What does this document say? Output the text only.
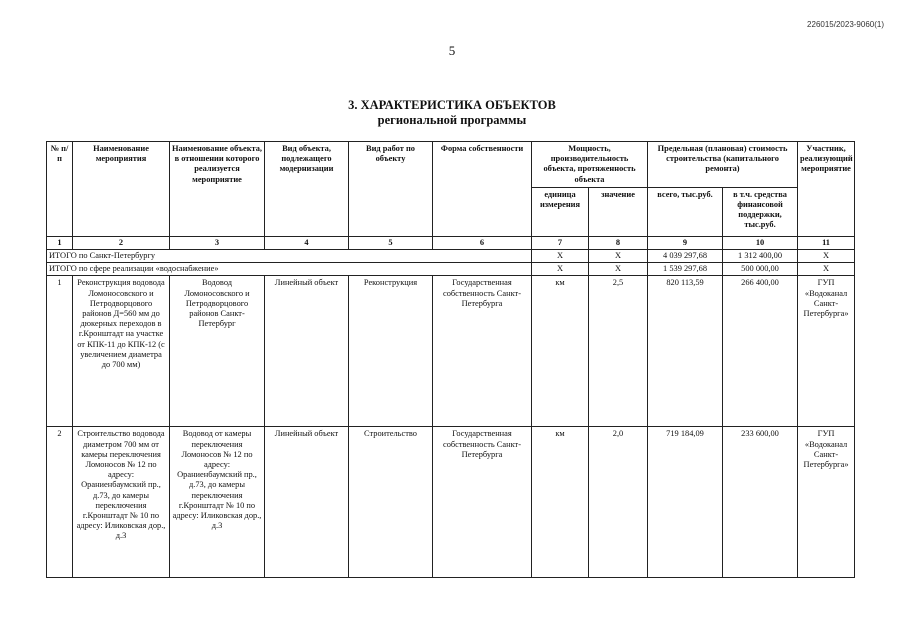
226015/2023-9060(1)
5
3. ХАРАКТЕРИСТИКА ОБЪЕКТОВ
региональной программы
№ п/п	Наименование мероприятия	Наименование объекта, в отношении которого реализуется мероприятие	Вид объекта, подлежащего модернизации	Вид работ по объекту	Форма собственности	Мощность, производительность объекта, протяженность объекта		Предельная (плановая) стоимость строительства (капитального ремонта)		Участник, реализующий мероприятие
						единица измерения	значение	всего, тыс.руб.	в т.ч. средства финансовой поддержки, тыс.руб.	
1	2	3	4	5	6	7	8	9	10	11
ИТОГО по Санкт-Петербургу						X	X	4 039 297,68	1 312 400,00	X
ИТОГО по сфере реализации «водоснабжение»						X	X	1 539 297,68	500 000,00	X
1	Реконструкция водовода Ломоносовского и Петродворцового районов Д=560 мм до дюкерных переходов в г.Кронштадт на участке от КПК-11 до КПК-12 (с увеличением диаметра до 700 мм)	Водовод Ломоносовского и Петродворцового районов Санкт-Петербург	Линейный объект	Реконструкция	Государственная собственность Санкт-Петербурга	км	2,5	820 113,59	266 400,00	ГУП «Водоканал Санкт-Петербурга»
2	Строительство водовода диаметром 700 мм от камеры переключения Ломоносов № 12 по адресу: Ораниенбаумский пр., д.73, до камеры переключения г.Кронштадт № 10 по адресу: Иликовская дор., д.3	Водовод от камеры переключения Ломоносов № 12 по адресу: Ораниенбаумский пр., д.73, до камеры переключения г.Кронштадт № 10 по адресу: Иликовская дор., д.3	Линейный объект	Строительство	Государственная собственность Санкт-Петербурга	км	2,0	719 184,09	233 600,00	ГУП «Водоканал Санкт-Петербурга»
